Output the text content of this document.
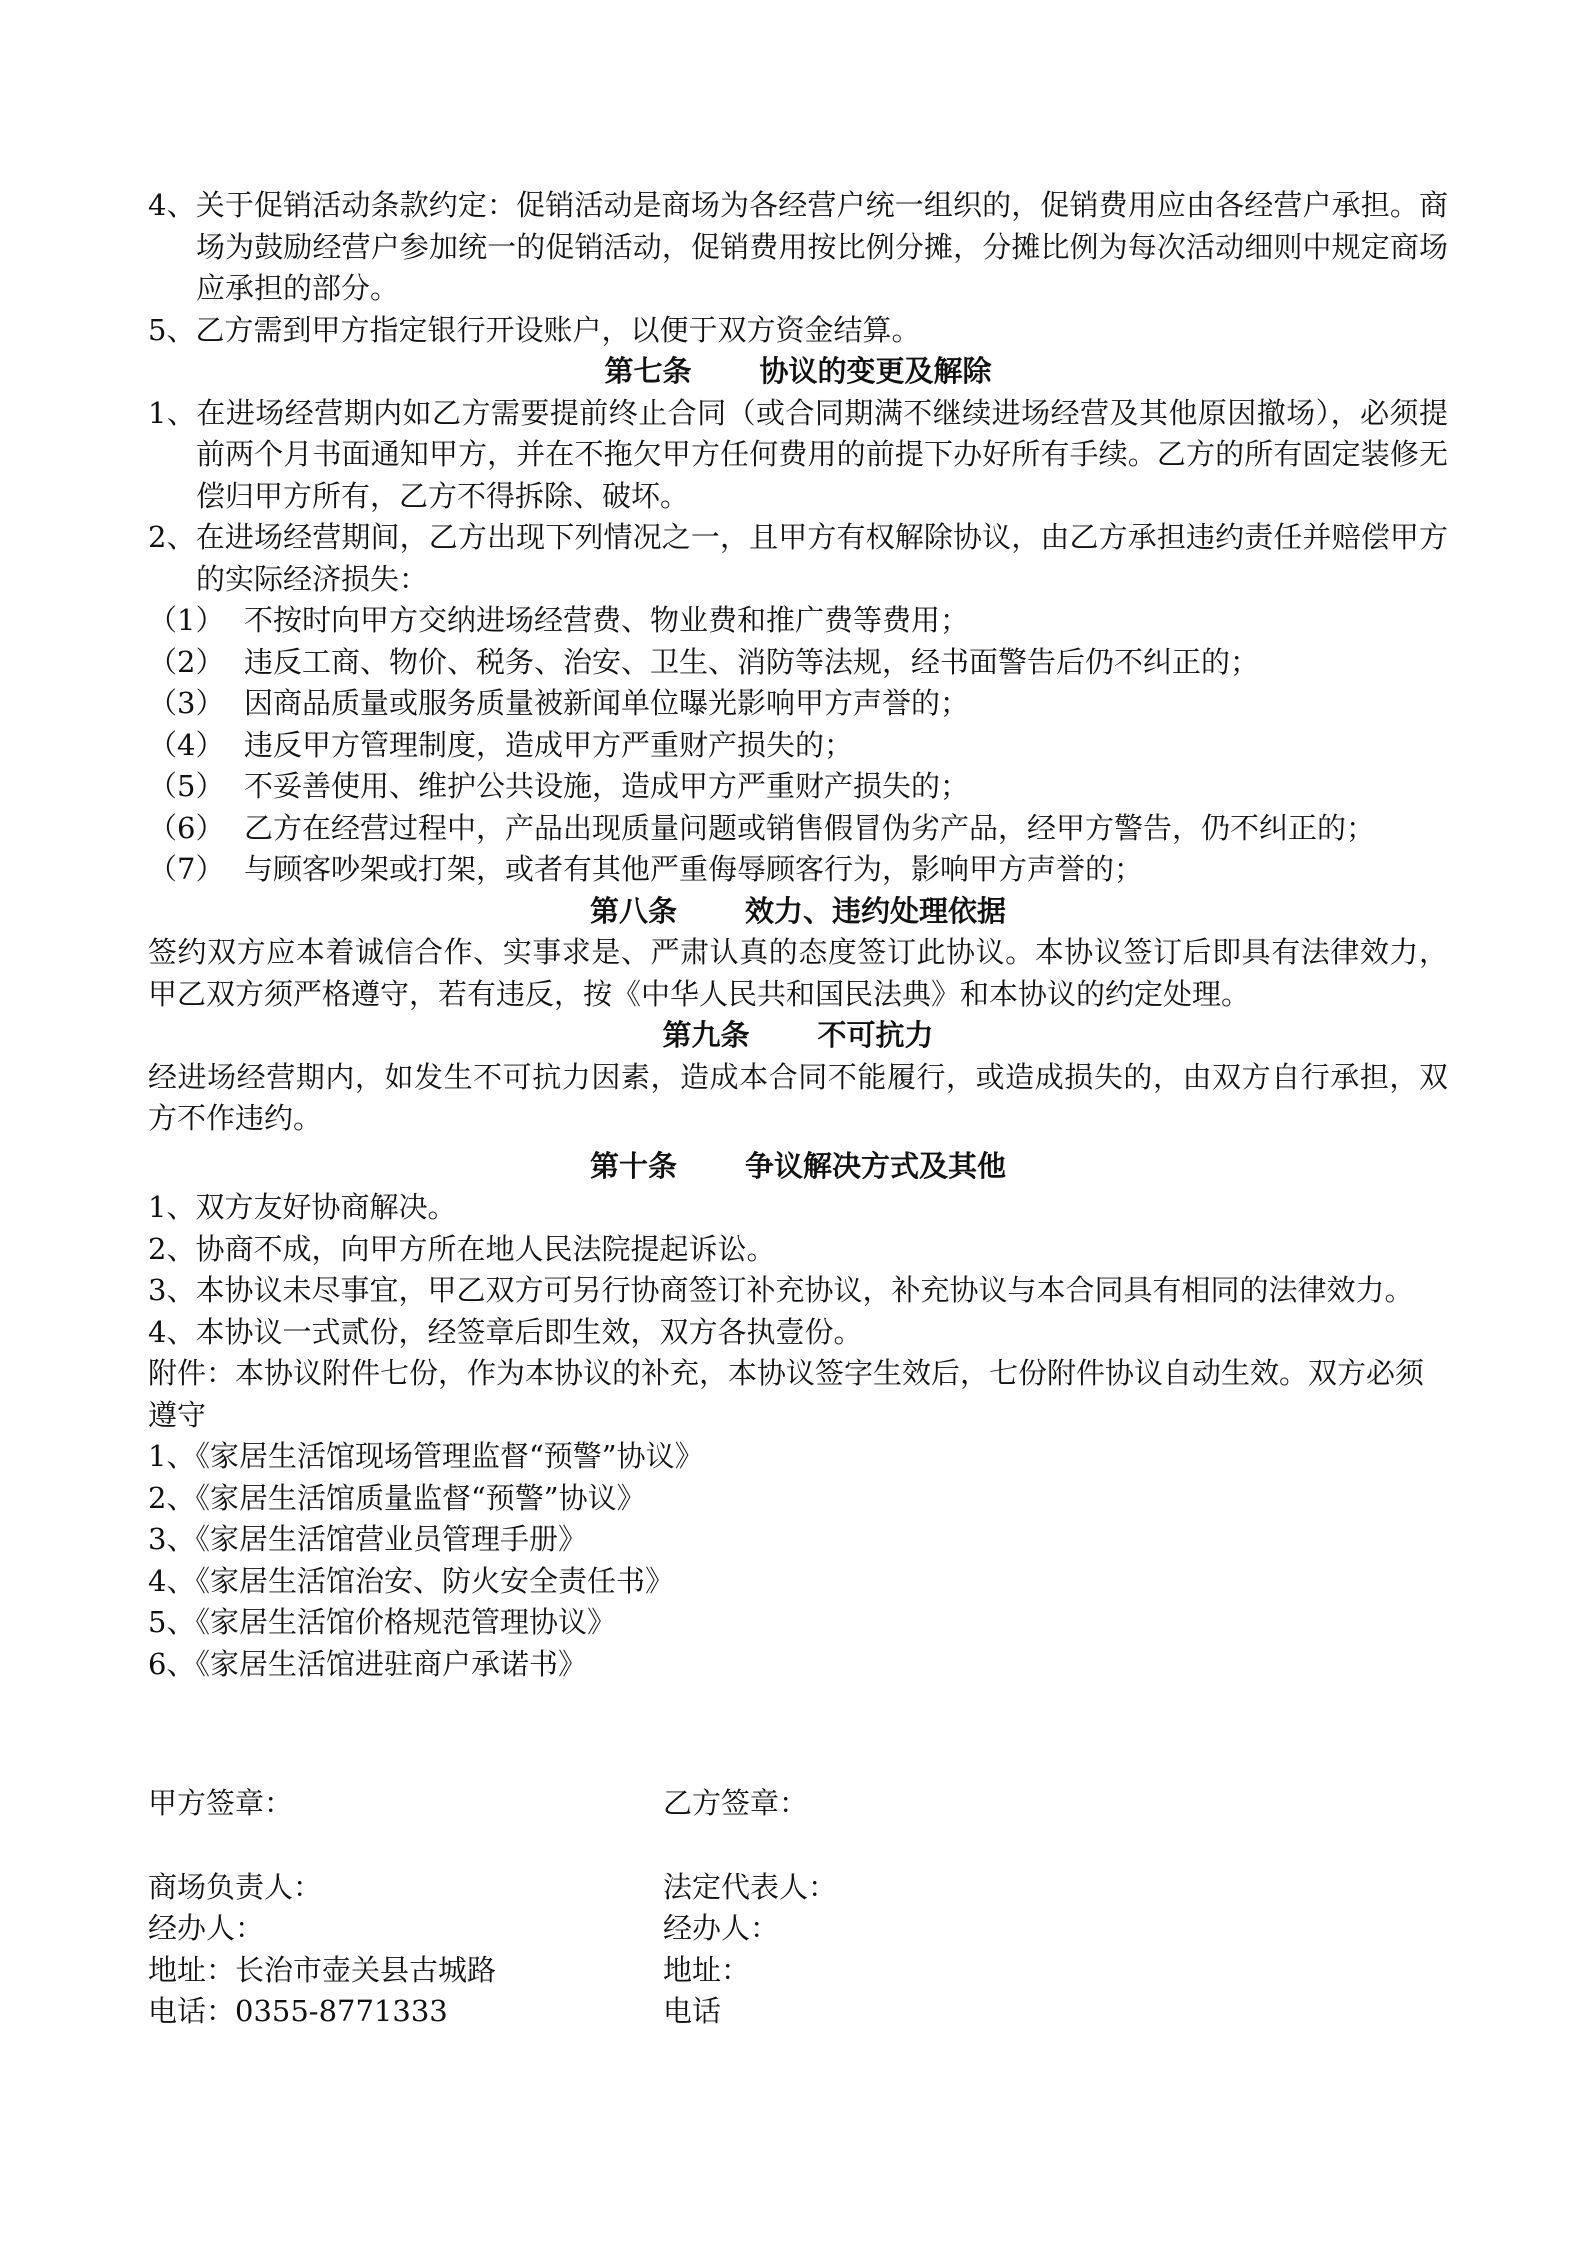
4、关于促销活动条款约定：促销活动是商场为各经营户统一组织的，促销费用应由各经营户承担。商场为鼓励经营户参加统一的促销活动，促销费用按比例分摊，分摊比例为每次活动细则中规定商场应承担的部分。

5、乙方需到甲方指定银行开设账户，以便于双方资金结算。

第七条 协议的变更及解除

1、在进场经营期内如乙方需要提前终止合同（或合同期满不继续进场经营及其他原因撤场），必须提前两个月书面通知甲方，并在不拖欠甲方任何费用的前提下办好所有手续。乙方的所有固定装修无偿归甲方所有，乙方不得拆除、破坏。

2、在进场经营期间，乙方出现下列情况之一，且甲方有权解除协议，由乙方承担违约责任并赔偿甲方的实际经济损失：

（1） 不按时向甲方交纳进场经营费、物业费和推广费等费用；
（2） 违反工商、物价、税务、治安、卫生、消防等法规，经书面警告后仍不纠正的；
（3） 因商品质量或服务质量被新闻单位曝光影响甲方声誉的；
（4） 违反甲方管理制度，造成甲方严重财产损失的；
（5） 不妥善使用、维护公共设施，造成甲方严重财产损失的；
（6） 乙方在经营过程中，产品出现质量问题或销售假冒伪劣产品，经甲方警告，仍不纠正的；
（7） 与顾客吵架或打架，或者有其他严重侮辱顾客行为，影响甲方声誉的；

第八条 效力、违约处理依据

签约双方应本着诚信合作、实事求是、严肃认真的态度签订此协议。本协议签订后即具有法律效力，甲乙双方须严格遵守，若有违反，按《中华人民共和国民法典》和本协议的约定处理。

第九条 不可抗力

经进场经营期内，如发生不可抗力因素，造成本合同不能履行，或造成损失的，由双方自行承担，双方不作违约。

第十条 争议解决方式及其他

1、双方友好协商解决。

2、协商不成，向甲方所在地人民法院提起诉讼。

3、本协议未尽事宜，甲乙双方可另行协商签订补充协议，补充协议与本合同具有相同的法律效力。

4、本协议一式贰份，经签章后即生效，双方各执壹份。

附件：本协议附件七份，作为本协议的补充，本协议签字生效后，七份附件协议自动生效。双方必须遵守

1、《家居生活馆现场管理监督“预警”协议》

2、《家居生活馆质量监督“预警”协议》

3、《家居生活馆营业员管理手册》

4、《家居生活馆治安、防火安全责任书》

5、《家居生活馆价格规范管理协议》

6、《家居生活馆进驻商户承诺书》

甲方签章：	乙方签章：
商场负责人：	法定代表人：
经办人：	经办人：
地址：长治市壶关县古城路	地址：
电话：0355-8771333	电话
